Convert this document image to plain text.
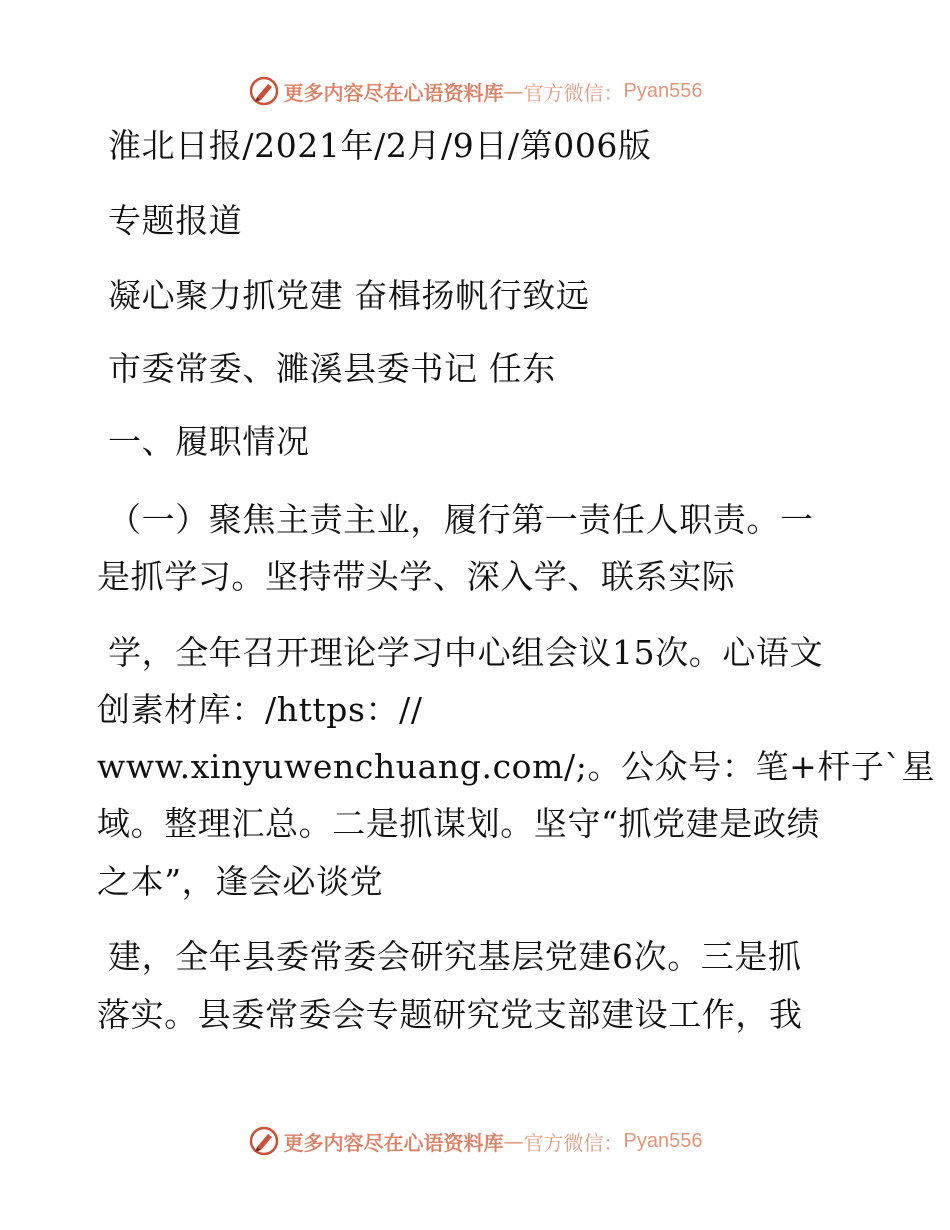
更多内容尽在心语资料库 — 官方微信： Pyan556
淮北日报/2021年/2月/9日/第006版
专题报道
凝心聚力抓党建 奋楫扬帆行致远
市委常委、濉溪县委书记 任东
一、履职情况
（一）聚焦主责主业，履行第一责任人职责。一
是抓学习。坚持带头学、深入学、联系实际
学，全年召开理论学习中心组会议15次。心语文
创素材库：/https：//
www.xinyuwenchuang.com/;。公众号：笔+杆子`星
域。整理汇总。二是抓谋划。坚守“抓党建是政绩
之本”，逢会必谈党
建，全年县委常委会研究基层党建6次。三是抓
落实。县委常委会专题研究党支部建设工作，我
更多内容尽在心语资料库 — 官方微信： Pyan556
